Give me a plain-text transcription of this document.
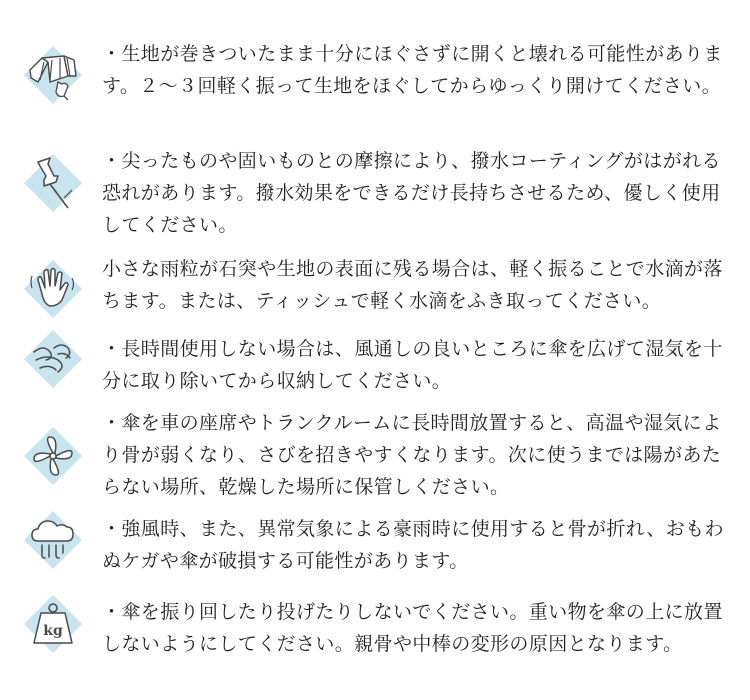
・生地が巻きついたまま十分にほぐさずに開くと壊れる可能性があります。２～３回軽く振って生地をほぐしてからゆっくり開けてください。

・尖ったものや固いものとの摩擦により、撥水コーティングがはがれる恐れがあります。撥水効果をできるだけ長持ちさせるため、優しく使用してください。

小さな雨粒が石突や生地の表面に残る場合は、軽く振ることで水滴が落ちます。または、ティッシュで軽く水滴をふき取ってください。

・長時間使用しない場合は、風通しの良いところに傘を広げて湿気を十分に取り除いてから収納してください。

・傘を車の座席やトランクルームに長時間放置すると、高温や湿気により骨が弱くなり、さびを招きやすくなります。次に使うまでは陽があたらない場所、乾燥した場所に保管しください。

・強風時、また、異常気象による豪雨時に使用すると骨が折れ、おもわぬケガや傘が破損する可能性があります。

kg

・傘を振り回したり投げたりしないでください。重い物を傘の上に放置しないようにしてください。親骨や中棒の変形の原因となります。
